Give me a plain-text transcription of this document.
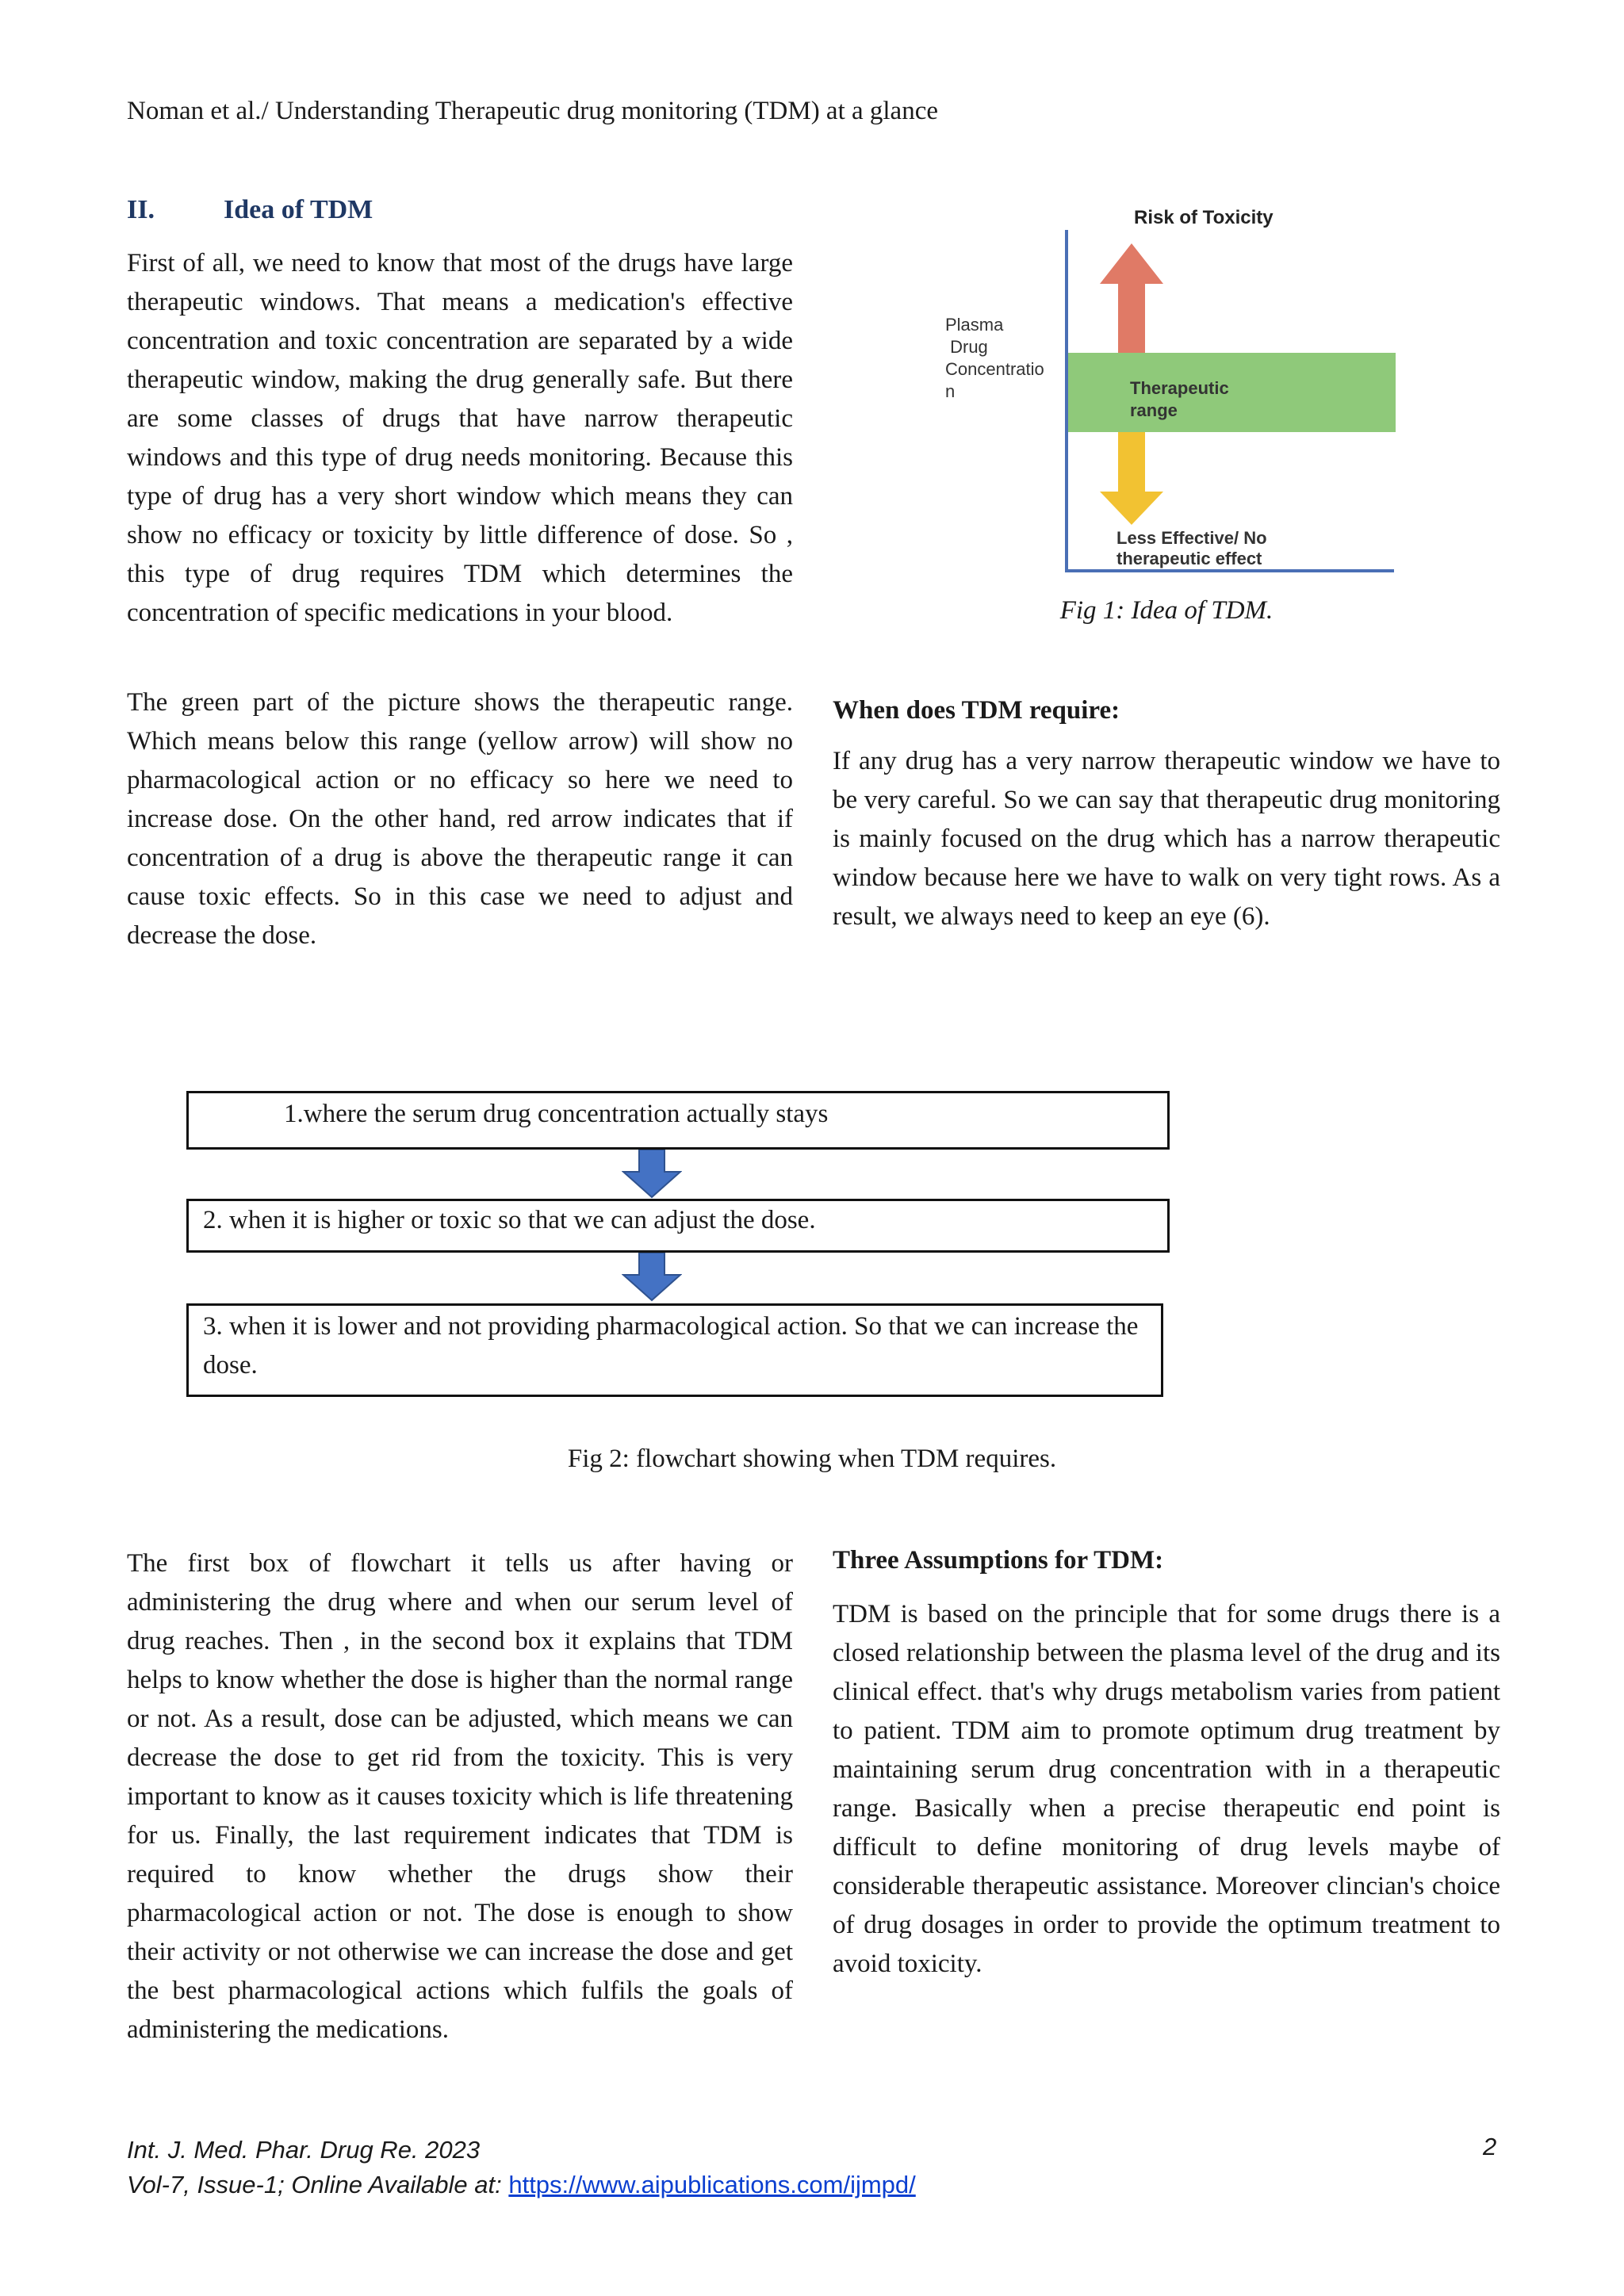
Noman et al./ Understanding Therapeutic drug monitoring (TDM) at a glance
II.	Idea of TDM

First of all, we need to know that most of the drugs have large therapeutic windows. That means a medication's effective concentration and toxic concentration are separated by a wide therapeutic window, making the drug generally safe. But there are some classes of drugs that have narrow therapeutic windows and this type of drug needs monitoring. Because this type of drug has a very short window which means they can show no efficacy or toxicity by little difference of dose. So , this type of drug requires TDM which determines the concentration of specific medications in your blood.

The green part of the picture shows the therapeutic range. Which means below this range (yellow arrow) will show no pharmacological action or no efficacy so here we need to increase dose. On the other hand, red arrow indicates that if concentration of a drug is above the therapeutic range it can cause toxic effects. So in this case we need to adjust and decrease the dose.

Risk of Toxicity
Plasma
Drug
Concentratio
n	Therapeutic
range
Less Effective/ No
therapeutic effect
Fig 1: Idea of TDM.
When does TDM require:

If any drug has a very narrow therapeutic window we have to be very careful. So we can say that therapeutic drug monitoring is mainly focused on the drug which has a narrow therapeutic window because here we have to walk on very tight rows. As a result, we always need to keep an eye (6).

1.where the serum drug concentration actually stays
2. when it is higher or toxic so that we can adjust the dose.
3. when it is lower and not providing pharmacological action. So that we can increase the dose.
Fig 2: flowchart showing when TDM requires.

The first box of flowchart it tells us after having or administering the drug where and when our serum level of drug reaches. Then , in the second box it explains that TDM helps to know whether the dose is higher than the normal range or not. As a result, dose can be adjusted, which means we can decrease the dose to get rid from the toxicity. This is very important to know as it causes toxicity which is life threatening for us. Finally, the last requirement indicates that TDM is required to know whether the drugs show their pharmacological action or not. The dose is enough to show their activity or not otherwise we can increase the dose and get the best pharmacological actions which fulfils the goals of administering the medications.

Three Assumptions for TDM:

TDM is based on the principle that for some drugs there is a closed relationship between the plasma level of the drug and its clinical effect. that's why drugs metabolism varies from patient to patient. TDM aim to promote optimum drug treatment by maintaining serum drug concentration with in a therapeutic range. Basically when a precise therapeutic end point is difficult to define monitoring of drug levels maybe of considerable therapeutic assistance. Moreover clincian's choice of drug dosages in order to provide the optimum treatment to avoid toxicity.

Int. J. Med. Phar. Drug Re. 2023
Vol-7, Issue-1; Online Available at: https://www.aipublications.com/ijmpd/
2
